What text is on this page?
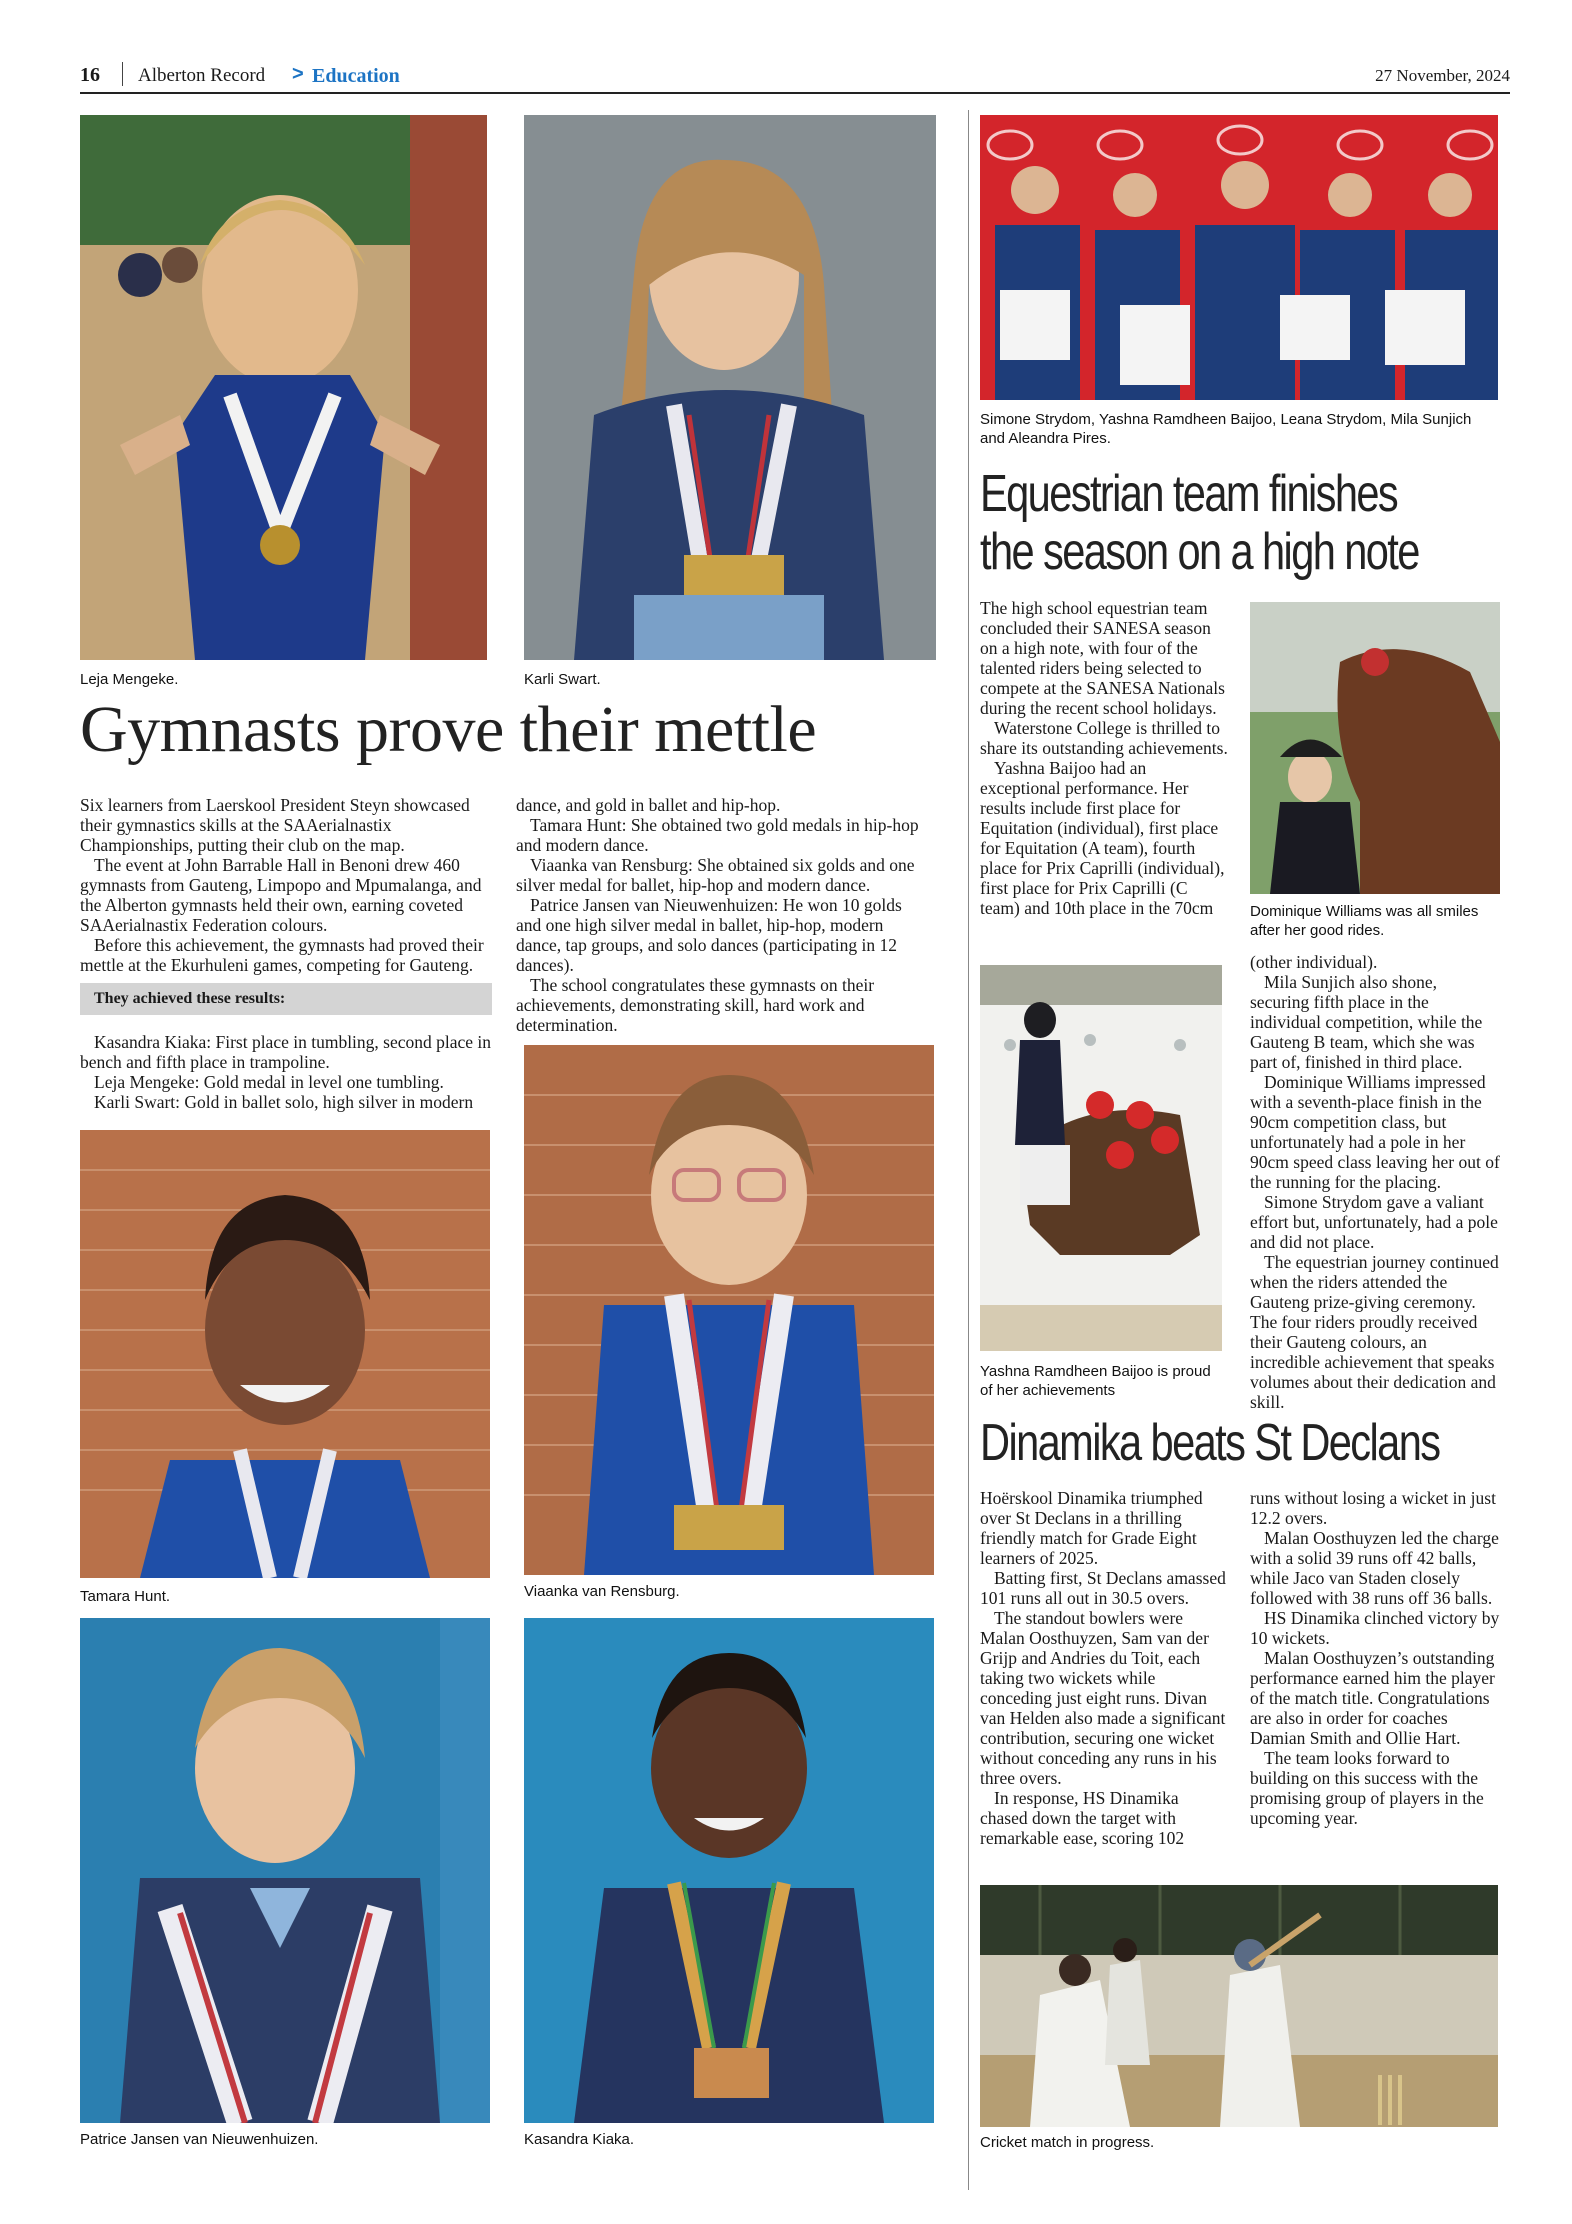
16 Alberton Record > Education	27 November, 2024
Leja Mengeke.	Karli Swart.
Gymnasts prove their mettle

Six learners from Laerskool President Steyn showcased their gymnastics skills at the SAAerialnastix Championships, putting their club on the map.

The event at John Barrable Hall in Benoni drew 460 gymnasts from Gauteng, Limpopo and Mpumalanga, and the Alberton gymnasts held their own, earning coveted SAAerialnastix Federation colours.

Before this achievement, the gymnasts had proved their mettle at the Ekurhuleni games, competing for Gauteng.

They achieved these results:

Kasandra Kiaka: First place in tumbling, second place in bench and fifth place in trampoline.

Leja Mengeke: Gold medal in level one tumbling.

Karli Swart: Gold in ballet solo, high silver in modern

dance, and gold in ballet and hip-hop.

Tamara Hunt: She obtained two gold medals in hip-hop and modern dance.

Viaanka van Rensburg: She obtained six golds and one silver medal for ballet, hip-hop and modern dance.

Patrice Jansen van Nieuwenhuizen: He won 10 golds and one high silver medal in ballet, hip-hop, modern dance, tap groups, and solo dances (participating in 12 dances).

The school congratulates these gymnasts on their achievements, demonstrating skill, hard work and determination.

Tamara Hunt.	Viaanka van Rensburg.
Patrice Jansen van Nieuwenhuizen.	Kasandra Kiaka.
Simone Strydom, Yashna Ramdheen Baijoo, Leana Strydom, Mila Sunjich and Aleandra Pires.
Equestrian team finishes
the season on a high note

The high school equestrian team concluded their SANESA season on a high note, with four of the talented riders being selected to compete at the SANESA Nationals during the recent school holidays.

Waterstone College is thrilled to share its outstanding achievements.

Yashna Baijoo had an exceptional performance. Her results include first place for Equitation (individual), first place for Equitation (A team), fourth place for Prix Caprilli (individual), first place for Prix Caprilli (C team) and 10th place in the 70cm	Dominique Williams was all smiles after her good rides.
Yashna Ramdheen Baijoo is proud of her achievements

(other individual).

Mila Sunjich also shone, securing fifth place in the individual competition, while the Gauteng B team, which she was part of, finished in third place.

Dominique Williams impressed with a seventh-place finish in the 90cm competition class, but unfortunately had a pole in her 90cm speed class leaving her out of the running for the placing.

Simone Strydom gave a valiant effort but, unfortunately, had a pole and did not place.

The equestrian journey continued when the riders attended the Gauteng prize-giving ceremony. The four riders proudly received their Gauteng colours, an incredible achievement that speaks volumes about their dedication and skill.

Dinamika beats St Declans

Hoërskool Dinamika triumphed over St Declans in a thrilling friendly match for Grade Eight learners of 2025.

Batting first, St Declans amassed 101 runs all out in 30.5 overs.

The standout bowlers were Malan Oosthuyzen, Sam van der Grijp and Andries du Toit, each taking two wickets while conceding just eight runs. Divan van Helden also made a significant contribution, securing one wicket without conceding any runs in his three overs.

In response, HS Dinamika chased down the target with remarkable ease, scoring 102

runs without losing a wicket in just 12.2 overs.

Malan Oosthuyzen led the charge with a solid 39 runs off 42 balls, while Jaco van Staden closely followed with 38 runs off 36 balls.

HS Dinamika clinched victory by 10 wickets.

Malan Oosthuyzen’s outstanding performance earned him the player of the match title. Congratulations are also in order for coaches Damian Smith and Ollie Hart.

The team looks forward to building on this success with the promising group of players in the upcoming year.

Cricket match in progress.
